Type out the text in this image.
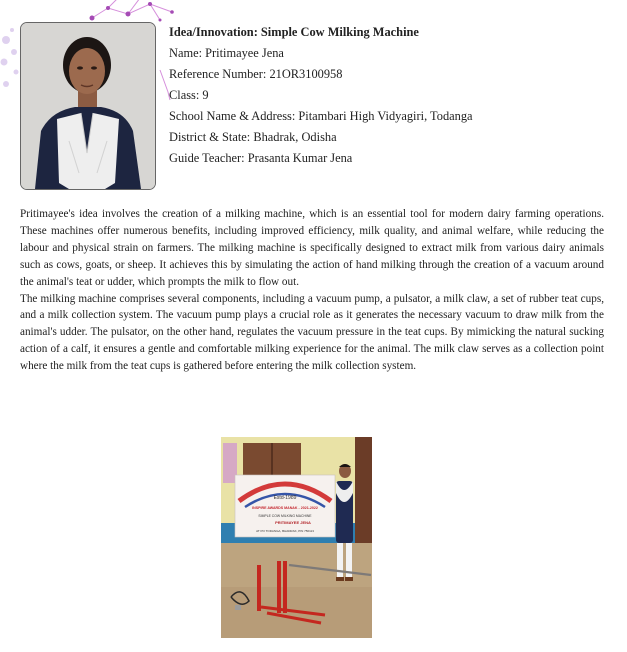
Idea/Innovation: Simple Cow Milking Machine
Name: Pritimayee Jena
Reference Number: 21OR3100958
Class: 9
School Name & Address: Pitambari High Vidyagiri, Todanga
District & State: Bhadrak, Odisha
Guide Teacher: Prasanta Kumar Jena

Pritimayee's idea involves the creation of a milking machine, which is an essential tool for modern dairy farming operations. These machines offer numerous benefits, including improved efficiency, milk quality, and animal welfare, while reducing the labour and physical strain on farmers. The milking machine is specifically designed to extract milk from various dairy animals such as cows, goats, or sheep. It achieves this by simulating the action of hand milking through the creation of a vacuum around the animal's teat or udder, which prompts the milk to flow out.

The milking machine comprises several components, including a vacuum pump, a pulsator, a milk claw, a set of rubber teat cups, and a milk collection system. The vacuum pump plays a crucial role as it generates the necessary vacuum to draw milk from the animal's udder. The pulsator, on the other hand, regulates the vacuum pressure in the teat cups. By mimicking the natural sucking action of a calf, it ensures a gentle and comfortable milking experience for the animal. The milk claw serves as a collection point where the milk from the teat cups is gathered before entering the milk collection system.

Estd-1989
INSPIRE AWARDS MANAK - 2021-2022
SIMPLE COW MILKING MACHINE
PRITIMAYEE JENA
AT PO TODANGA, BHADRAK, PIN 756113
